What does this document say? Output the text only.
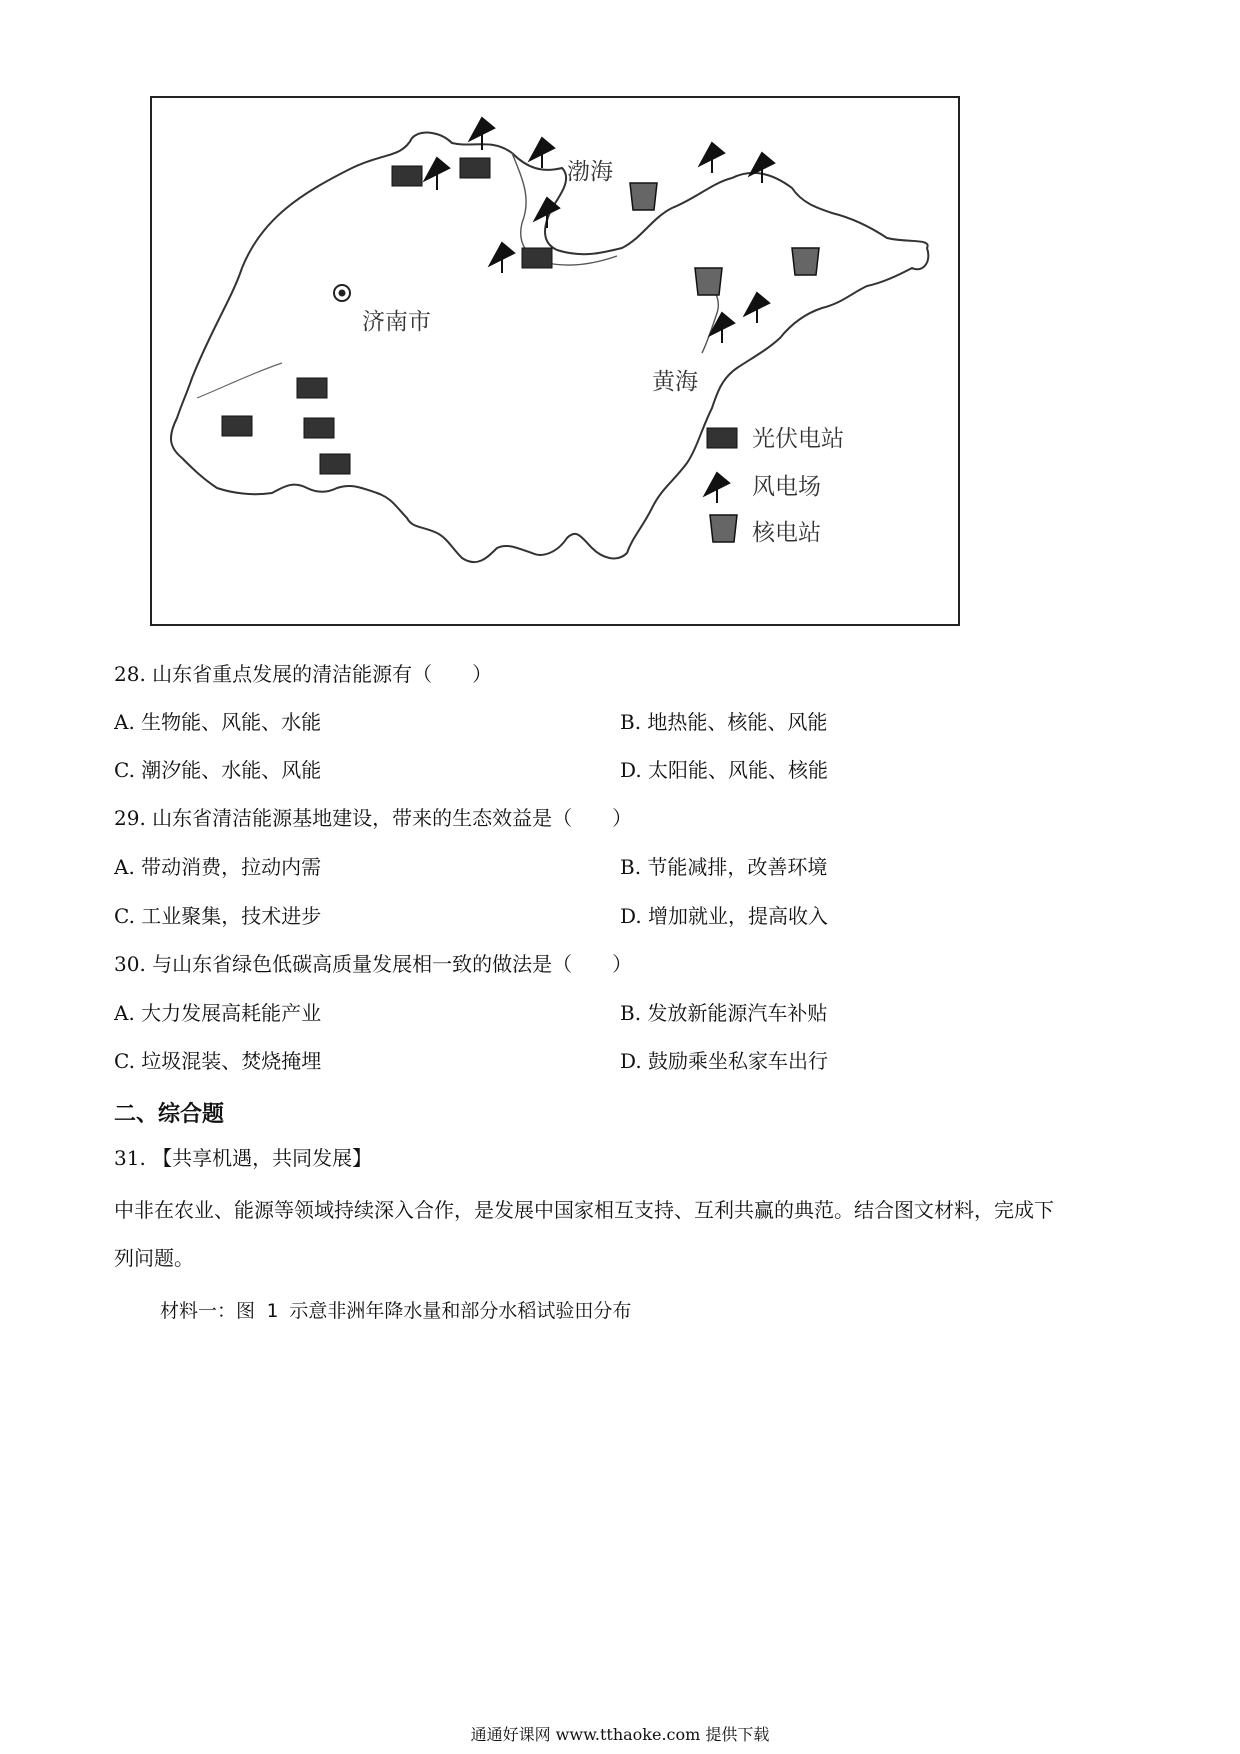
渤海
济南市
黄海
光伏电站
风电场
核电站
28. 山东省重点发展的清洁能源有（　　）
A. 生物能、风能、水能	B. 地热能、核能、风能
C. 潮汐能、水能、风能	D. 太阳能、风能、核能
29. 山东省清洁能源基地建设，带来的生态效益是（　　）
A. 带动消费，拉动内需	B. 节能减排，改善环境
C. 工业聚集，技术进步	D. 增加就业，提高收入
30. 与山东省绿色低碳高质量发展相一致的做法是（　　）
A. 大力发展高耗能产业	B. 发放新能源汽车补贴
C. 垃圾混装、焚烧掩埋	D. 鼓励乘坐私家车出行
二、综合题
31. 【共享机遇，共同发展】
中非在农业、能源等领域持续深入合作，是发展中国家相互支持、互利共赢的典范。结合图文材料，完成下
列问题。
材料一：图 1 示意非洲年降水量和部分水稻试验田分布
通通好课网 www.tthaoke.com 提供下载
